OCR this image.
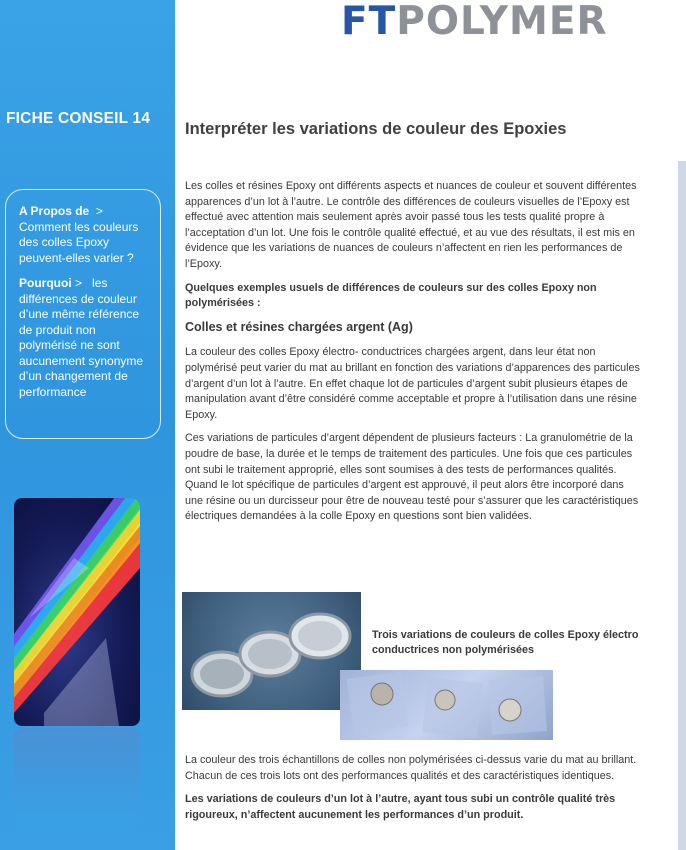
FICHE CONSEIL 14
A Propos de >
Comment les couleurs des colles Epoxy peuvent-elles varier ?
Pourquoi > les différences de couleur d’une même référence de produit non polymérisé ne sont aucunement synonyme d’un changement de performance
FTPOLYMER
Interpréter les variations de couleur des Epoxies

Les colles et résines Epoxy ont différents aspects et nuances de couleur et souvent différentes apparences d’un lot à l’autre. Le contrôle des différences de couleurs visuelles de l’Epoxy est effectué avec attention mais seulement après avoir passé tous les tests qualité propre à l’acceptation d’un lot. Une fois le contrôle qualité effectué, et au vue des résultats, il est mis en évidence que les variations de nuances de couleurs n’affectent en rien les performances de l’Epoxy.

Quelques exemples usuels de différences de couleurs sur des colles Epoxy non polymérisées :

Colles et résines chargées argent (Ag)

La couleur des colles Epoxy électro- conductrices chargées argent, dans leur état non polymérisé peut varier du mat au brillant en fonction des variations d’apparences des particules d’argent d’un lot à l’autre. En effet chaque lot de particules d’argent subit plusieurs étapes de manipulation avant d’être considéré comme acceptable et propre à l’utilisation dans une résine Epoxy.

Ces variations de particules d’argent dépendent de plusieurs facteurs : La granulométrie de la poudre de base, la durée et le temps de traitement des particules. Une fois que ces particules ont subi le traitement approprié, elles sont soumises à des tests de performances qualités. Quand le lot spécifique de particules d’argent est approuvé, il peut alors être incorporé dans une résine ou un durcisseur pour être de nouveau testé pour s’assurer que les caractéristiques électriques demandées à la colle Epoxy en questions sont bien validées.

Trois variations de couleurs de colles Epoxy électro conductrices non polymérisées

La couleur des trois échantillons de colles non polymérisées ci-dessus varie du mat au brillant. Chacun de ces trois lots ont des performances qualités et des caractéristiques identiques.

Les variations de couleurs d’un lot à l’autre, ayant tous subi un contrôle qualité très rigoureux, n’affectent aucunement les performances d’un produit.
